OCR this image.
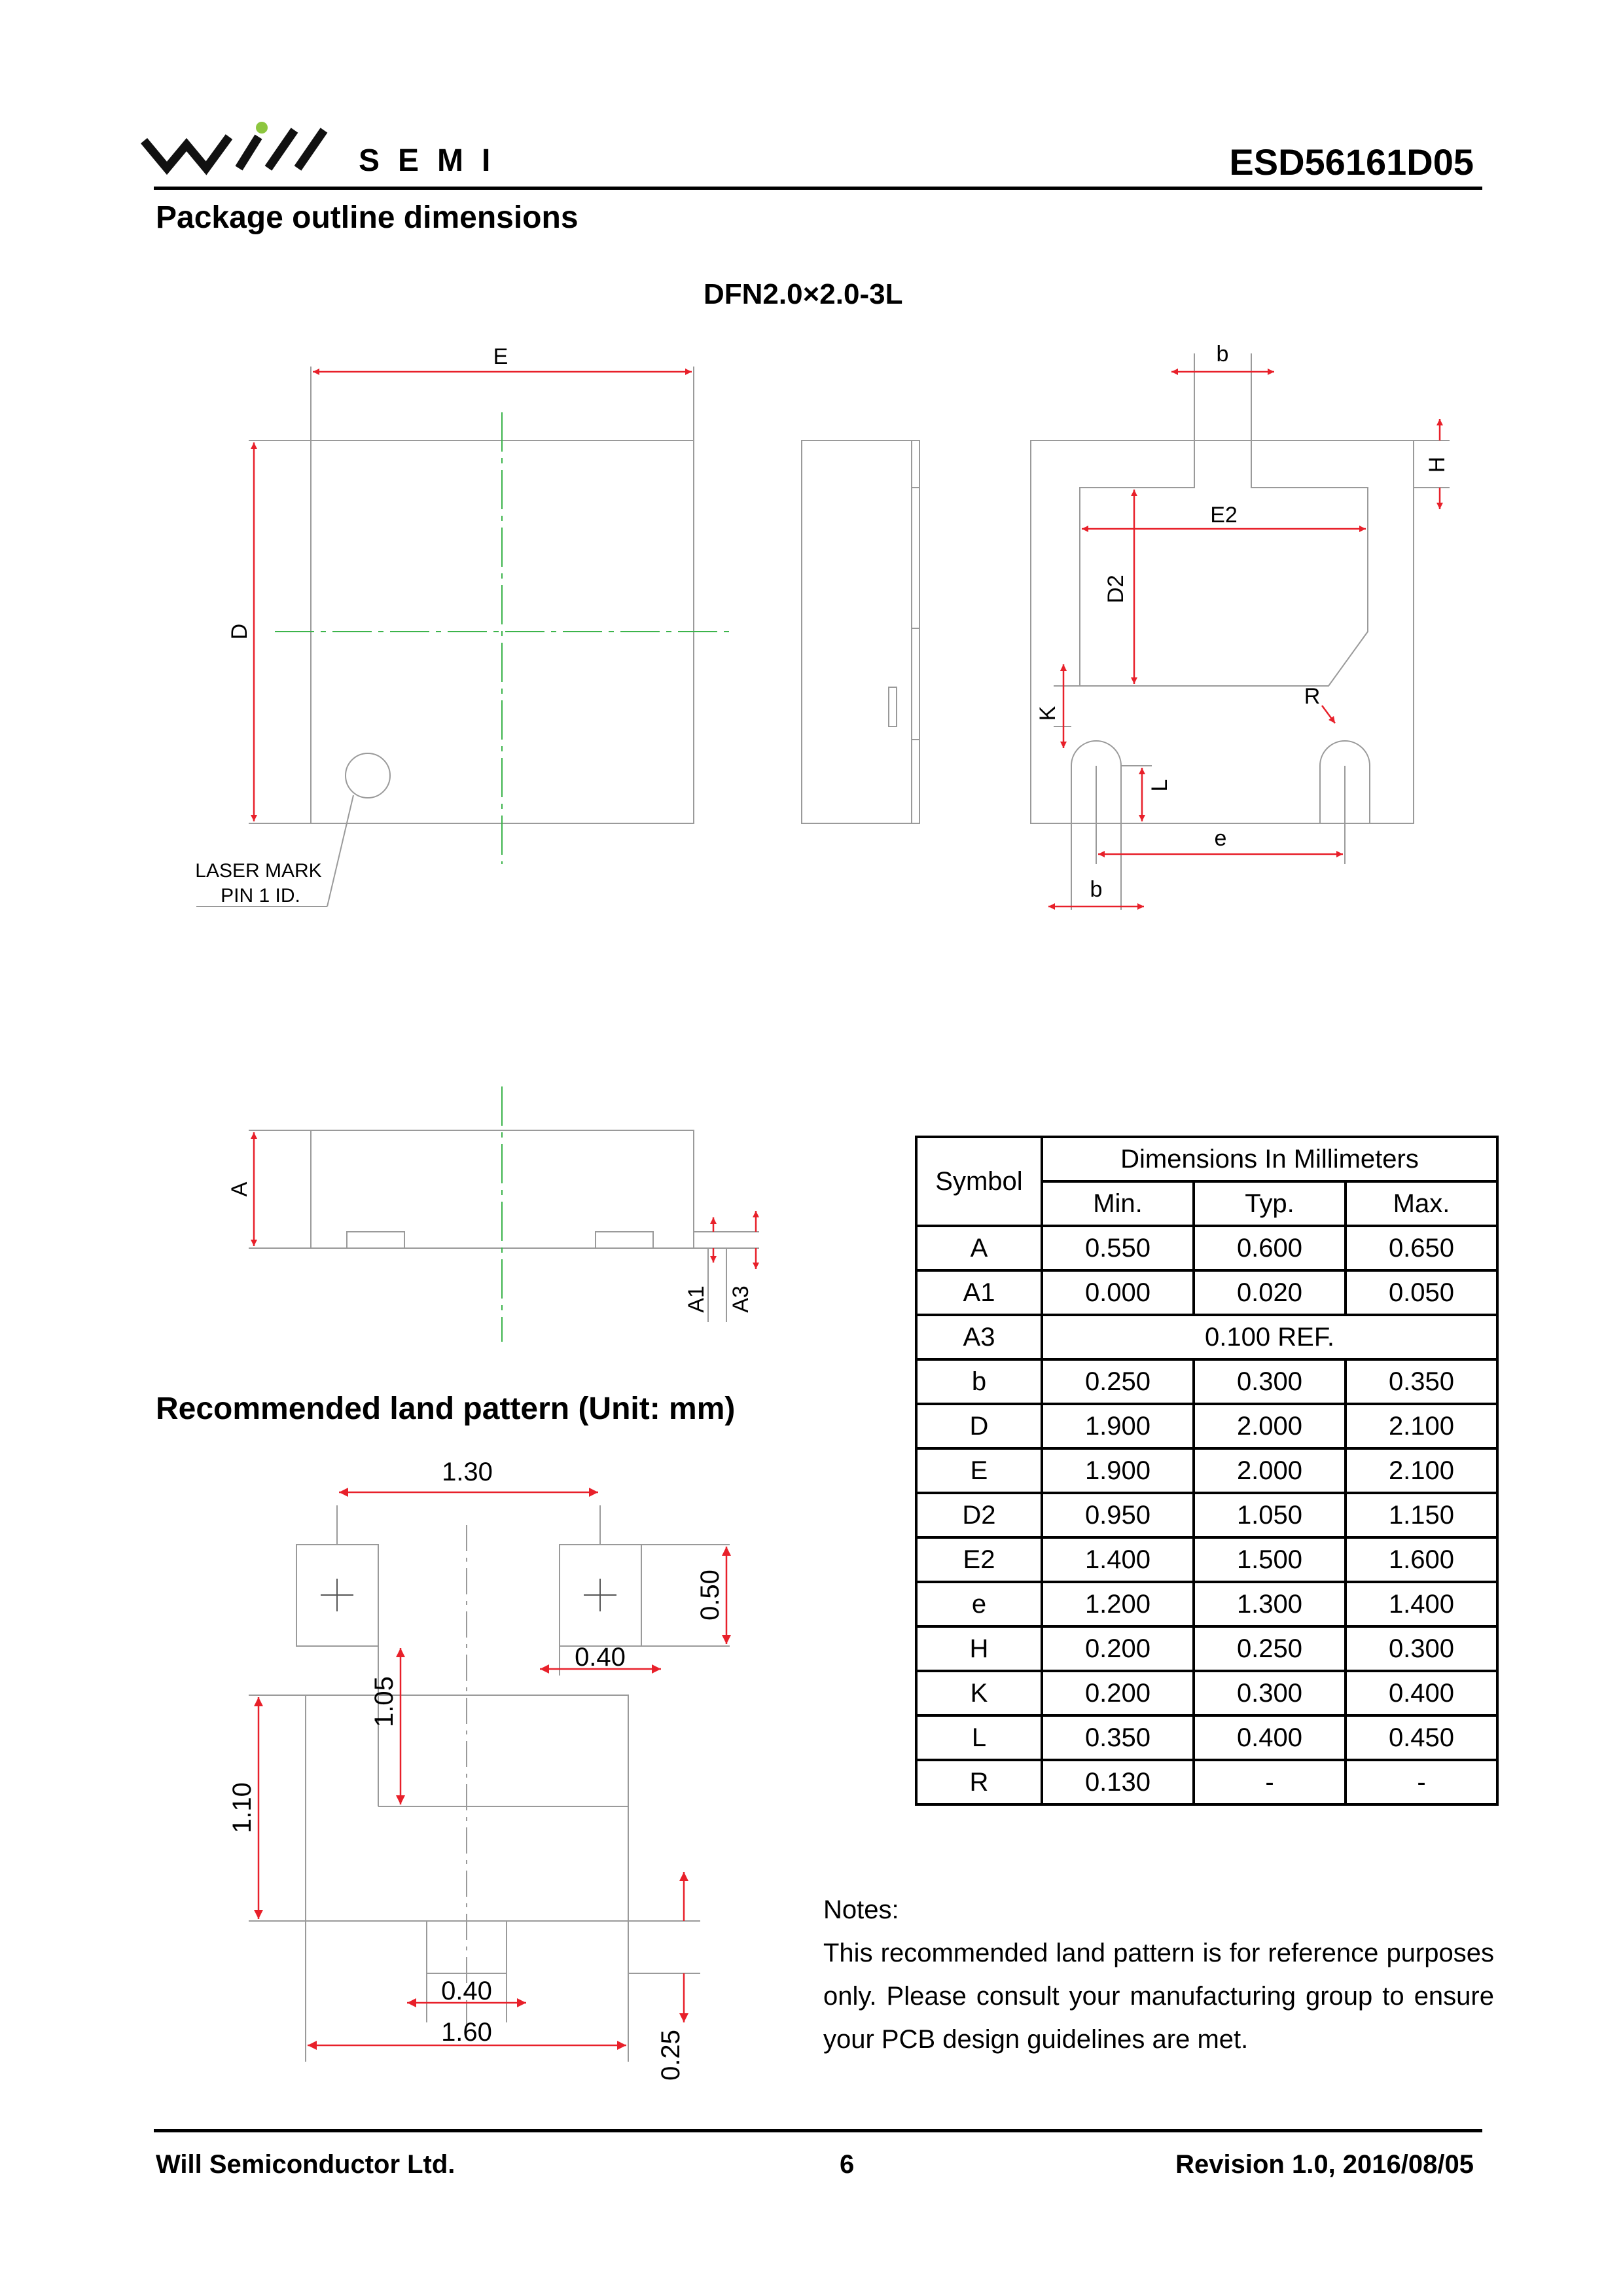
SEMI	ESD56161D05
Package outline dimensions
DFN2.0×2.0-3L
E
D
LASER MARK
PIN 1 ID.
b
H
E2
D2
K
R
L
e
b
A
A1 A3
Recommended land pattern (Unit: mm)
1.30
0.50
0.40
1.05
1.10
0.40
1.60	0.25
Symbol	Dimensions In Millimeters		
	Min.	Typ.	Max.
A	0.550	0.600	0.650
A1	0.000	0.020	0.050
A3	0.100 REF.		
b	0.250	0.300	0.350
D	1.900	2.000	2.100
E	1.900	2.000	2.100
D2	0.950	1.050	1.150
E2	1.400	1.500	1.600
e	1.200	1.300	1.400
H	0.200	0.250	0.300
K	0.200	0.300	0.400
L	0.350	0.400	0.450
R	0.130	-	-

Notes:

This recommended land pattern is for reference purposes only. Please consult your manufacturing group to ensure your PCB design guidelines are met.

Will Semiconductor Ltd.	6	Revision 1.0, 2016/08/05
